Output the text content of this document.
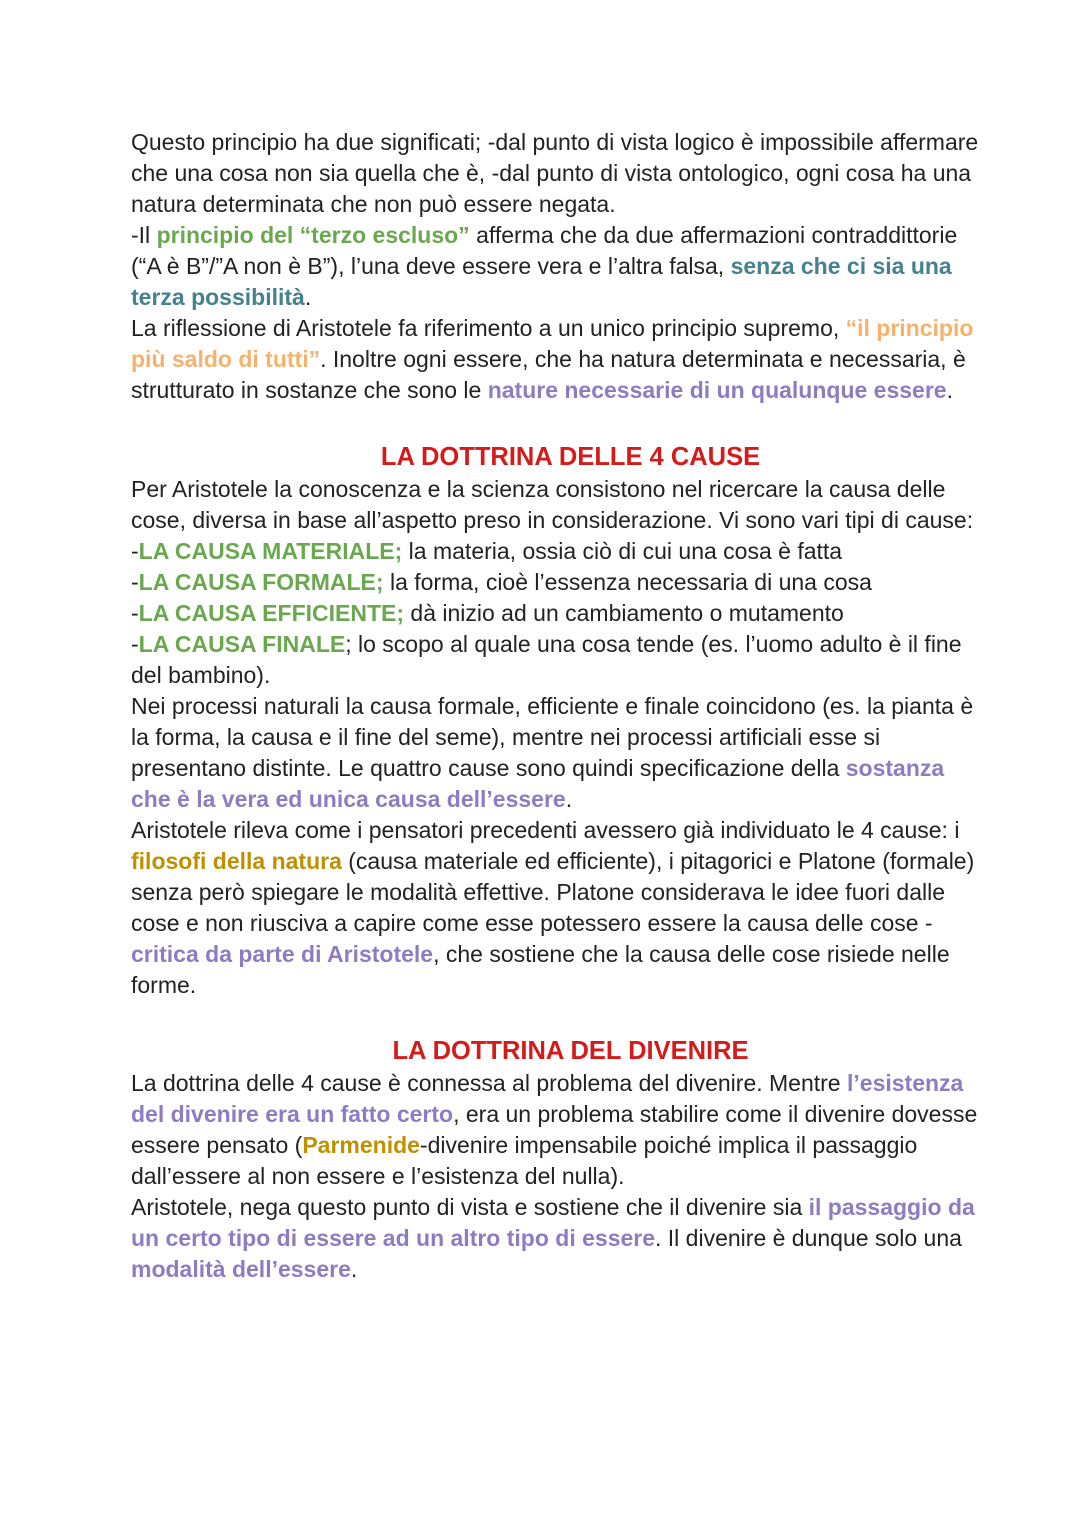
Questo principio ha due significati; -dal punto di vista logico è impossibile affermare che una cosa non sia quella che è, -dal punto di vista ontologico, ogni cosa ha una natura determinata che non può essere negata.

-Il principio del “terzo escluso” afferma che da due affermazioni contraddittorie (“A è B”/”A non è B”), l’una deve essere vera e l’altra falsa, senza che ci sia una terza possibilità.

La riflessione di Aristotele fa riferimento a un unico principio supremo, “il principio più saldo di tutti”. Inoltre ogni essere, che ha natura determinata e necessaria, è strutturato in sostanze che sono le nature necessarie di un qualunque essere.

LA DOTTRINA DELLE 4 CAUSE

Per Aristotele la conoscenza e la scienza consistono nel ricercare la causa delle cose, diversa in base all’aspetto preso in considerazione. Vi sono vari tipi di cause:

-LA CAUSA MATERIALE; la materia, ossia ciò di cui una cosa è fatta

-LA CAUSA FORMALE; la forma, cioè l’essenza necessaria di una cosa

-LA CAUSA EFFICIENTE; dà inizio ad un cambiamento o mutamento

-LA CAUSA FINALE; lo scopo al quale una cosa tende (es. l’uomo adulto è il fine del bambino).

Nei processi naturali la causa formale, efficiente e finale coincidono (es. la pianta è la forma, la causa e il fine del seme), mentre nei processi artificiali esse si presentano distinte. Le quattro cause sono quindi specificazione della sostanza che è la vera ed unica causa dell’essere.

Aristotele rileva come i pensatori precedenti avessero già individuato le 4 cause: i filosofi della natura (causa materiale ed efficiente), i pitagorici e Platone (formale) senza però spiegare le modalità effettive. Platone considerava le idee fuori dalle cose e non riusciva a capire come esse potessero essere la causa delle cose - critica da parte di Aristotele, che sostiene che la causa delle cose risiede nelle forme.

LA DOTTRINA DEL DIVENIRE

La dottrina delle 4 cause è connessa al problema del divenire. Mentre l’esistenza del divenire era un fatto certo, era un problema stabilire come il divenire dovesse essere pensato (Parmenide-divenire impensabile poiché implica il passaggio dall’essere al non essere e l’esistenza del nulla).

Aristotele, nega questo punto di vista e sostiene che il divenire sia il passaggio da un certo tipo di essere ad un altro tipo di essere. Il divenire è dunque solo una modalità dell’essere.
